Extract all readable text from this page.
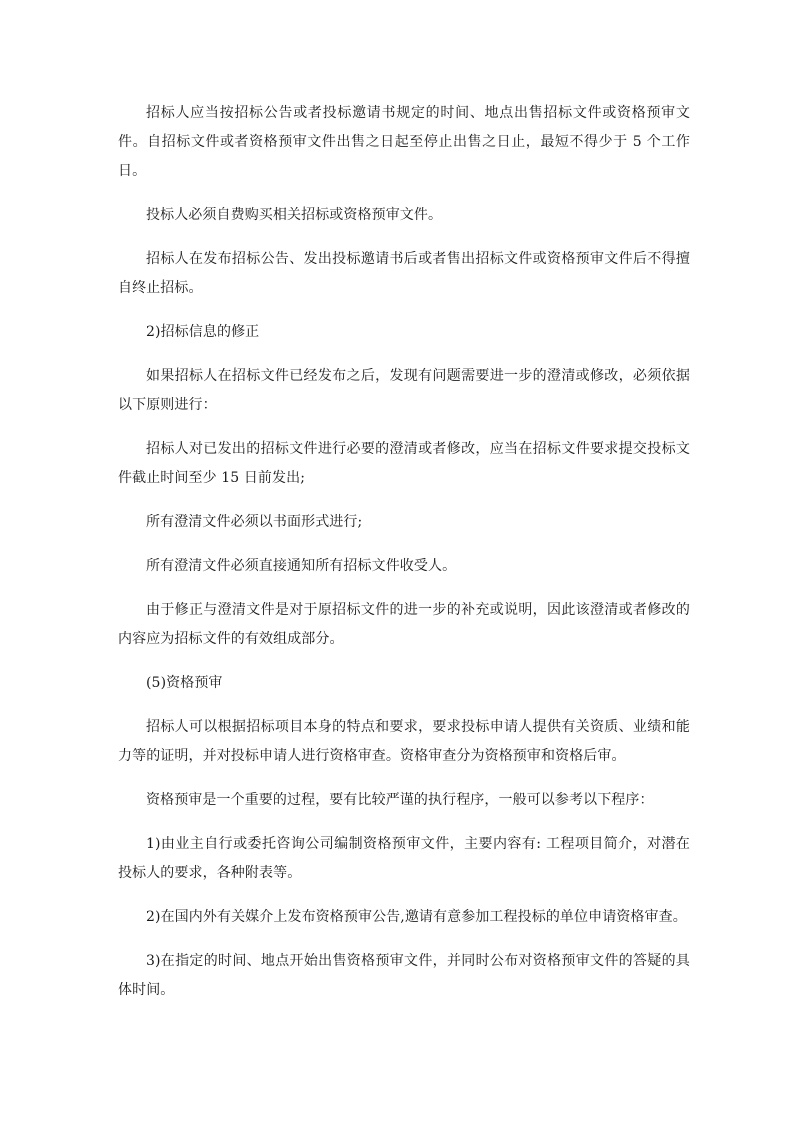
招标人应当按招标公告或者投标邀请书规定的时间、地点出售招标文件或资格预审文件。自招标文件或者资格预审文件出售之日起至停止出售之日止，最短不得少于 5 个工作日。

投标人必须自费购买相关招标或资格预审文件。

招标人在发布招标公告、发出投标邀请书后或者售出招标文件或资格预审文件后不得擅自终止招标。

2)招标信息的修正

如果招标人在招标文件已经发布之后，发现有问题需要进一步的澄清或修改，必须依据以下原则进行：

招标人对已发出的招标文件进行必要的澄清或者修改，应当在招标文件要求提交投标文件截止时间至少 15 日前发出;

所有澄清文件必须以书面形式进行;

所有澄清文件必须直接通知所有招标文件收受人。

由于修正与澄清文件是对于原招标文件的进一步的补充或说明，因此该澄清或者修改的内容应为招标文件的有效组成部分。

(5)资格预审

招标人可以根据招标项目本身的特点和要求，要求投标申请人提供有关资质、业绩和能力等的证明，并对投标申请人进行资格审查。资格审查分为资格预审和资格后审。

资格预审是一个重要的过程，要有比较严谨的执行程序，一般可以参考以下程序：

1)由业主自行或委托咨询公司编制资格预审文件，主要内容有: 工程项目简介，对潜在投标人的要求，各种附表等。

2)在国内外有关媒介上发布资格预审公告,邀请有意参加工程投标的单位申请资格审查。

3)在指定的时间、地点开始出售资格预审文件，并同时公布对资格预审文件的答疑的具体时间。
